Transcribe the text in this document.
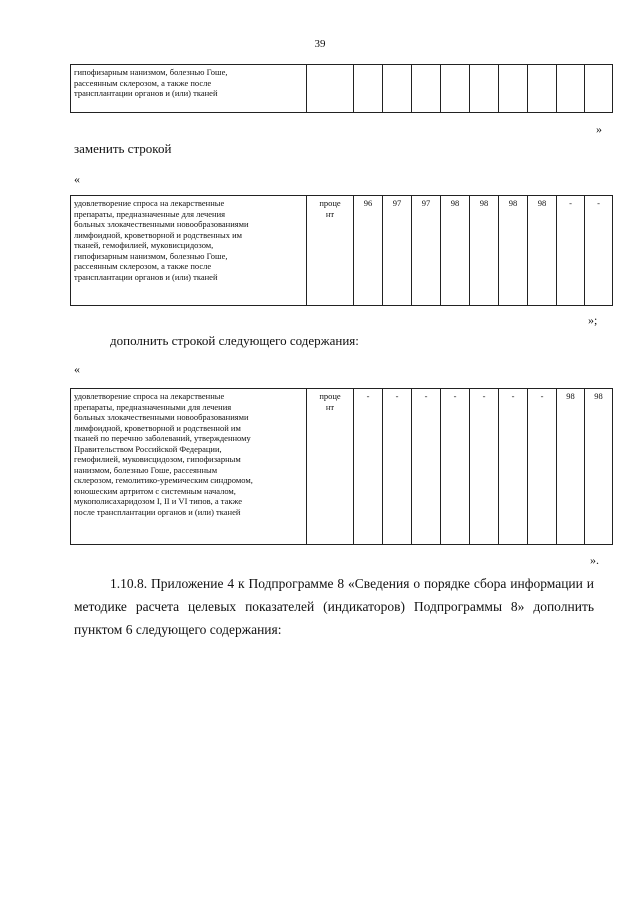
39
гипофизарным нанизмом, болезнью Гоше,
рассеянным склерозом, а также после
трансплантации органов и (или) тканей

»
заменить строкой
«
удовлетворение спроса на лекарственные
препараты, предназначенные для лечения
больных злокачественными новообразованиями
лимфоидной, кроветворной и родственных им
тканей, гемофилией, муковисцидозом,
гипофизарным нанизмом, болезнью Гоше,
рассеянным склерозом, а также после
трансплантации органов и (или) тканей

проце
нт
	96	97	97	98	98	98	98	-	-
»;
дополнить строкой следующего содержания:
«
удовлетворение спроса на лекарственные
препараты, предназначенными для лечения
больных злокачественными новообразованиями
лимфоидной, кроветворной и родственной им
тканей по перечню заболеваний, утвержденному
Правительством Российской Федерации,
гемофилией, муковисцидозом, гипофизарным
нанизмом, болезнью Гоше, рассеянным
склерозом, гемолитико-уремическим синдромом,
юношеским артритом с системным началом,
мукополисахаридозом I, II и VI типов, а также
после трансплантации органов и (или) тканей

проце
нт
	-	-	-	-	-	-	-	98	98
».
1.10.8. Приложение 4 к Подпрограмме 8 «Сведения о порядке сбора информации и методике расчета целевых показателей (индикаторов) Подпрограммы 8» дополнить пунктом 6 следующего содержания:
